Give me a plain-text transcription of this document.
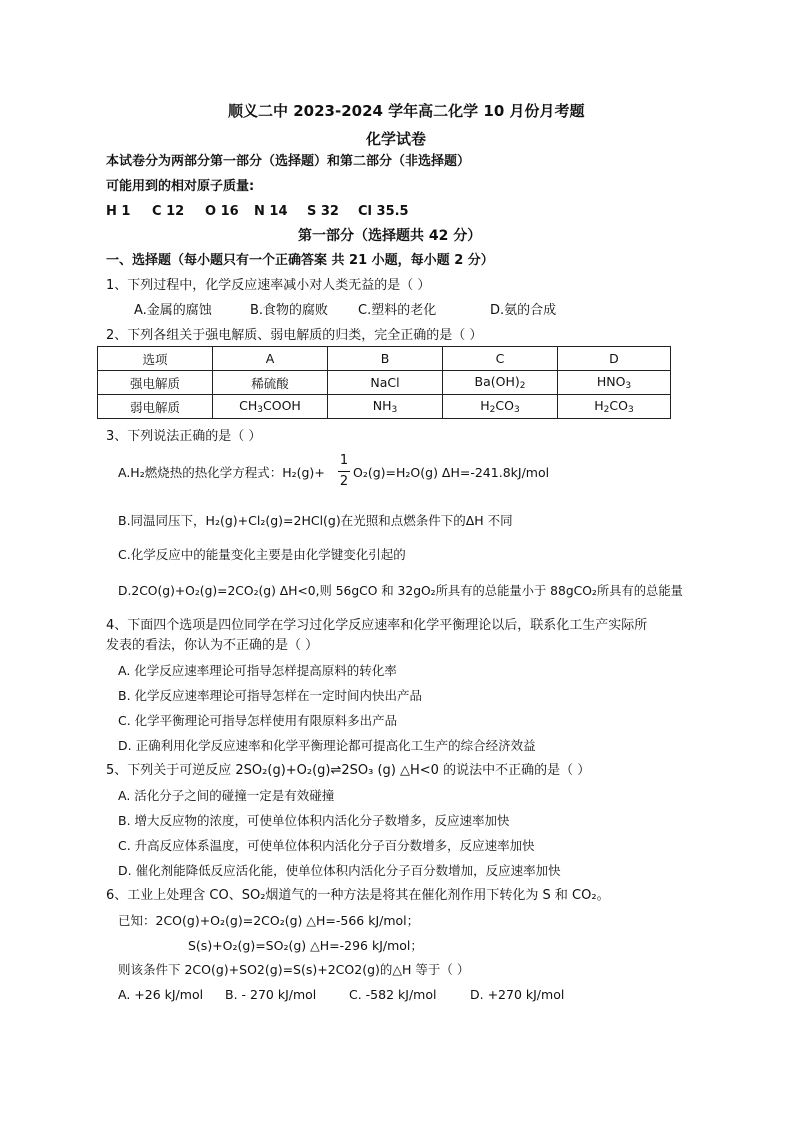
顺义二中 2023-2024 学年高二化学 10 月份月考题
化学试卷
本试卷分为两部分第一部分（选择题）和第二部分（非选择题）
可能用到的相对原子质量:
H 1 C 12 O 16 N 14 S 32 Cl 35.5
第一部分（选择题共 42 分）
一、选择题（每小题只有一个正确答案 共 21 小题，每小题 2 分）
1、下列过程中，化学反应速率减小对人类无益的是（ ）
A.金属的腐蚀	B.食物的腐败 C.塑料的老化	D.氨的合成
2、下列各组关于强电解质、弱电解质的归类，完全正确的是（ ）
选项	A	B	C	D
强电解质	稀硫酸	NaCl	$Ba(OH)_2$	$HNO_3$
弱电解质	$CH_3COOH$	$NH_3$	$H_2CO_3$	$H_2CO_3$
3、下列说法正确的是（ ）
A.H₂燃烧热的热化学方程式：H₂(g)+
1
2
O₂(g)=H₂O(g) ΔH=-241.8kJ/mol
B.同温同压下，H₂(g)+Cl₂(g)=2HCl(g)在光照和点燃条件下的ΔH 不同
C.化学反应中的能量变化主要是由化学键变化引起的
D.2CO(g)+O₂(g)=2CO₂(g) ΔH<0,则 56gCO 和 32gO₂所具有的总能量小于 88gCO₂所具有的总能量
4、下面四个选项是四位同学在学习过化学反应速率和化学平衡理论以后，联系化工生产实际所
发表的看法，你认为不正确的是（ ）
A. 化学反应速率理论可指导怎样提高原料的转化率
B. 化学反应速率理论可指导怎样在一定时间内快出产品
C. 化学平衡理论可指导怎样使用有限原料多出产品
D. 正确利用化学反应速率和化学平衡理论都可提高化工生产的综合经济效益
5、下列关于可逆反应 2SO₂(g)+O₂(g)⇌2SO₃ (g) △H<0 的说法中不正确的是（ ）
A. 活化分子之间的碰撞一定是有效碰撞
B. 增大反应物的浓度，可使单位体积内活化分子数增多，反应速率加快
C. 升高反应体系温度，可使单位体积内活化分子百分数增多，反应速率加快
D. 催化剂能降低反应活化能，使单位体积内活化分子百分数增加，反应速率加快
6、工业上处理含 CO、SO₂烟道气的一种方法是将其在催化剂作用下转化为 S 和 CO₂。
已知：2CO(g)+O₂(g)=2CO₂(g) △H=-566 kJ/mol；
S(s)+O₂(g)=SO₂(g) △H=-296 kJ/mol；
则该条件下 2CO(g)+SO2(g)=S(s)+2CO2(g)的△H 等于（ ）
A. +26 kJ/mol B. - 270 kJ/mol	C. -582 kJ/mol	D. +270 kJ/mol
